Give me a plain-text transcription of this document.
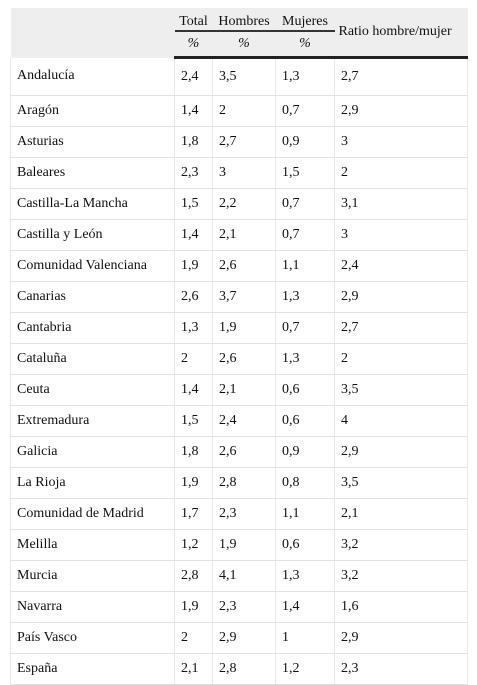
	Total	Hombres	Mujeres	Ratio hombre/mujer
	%	%	%	
Andalucía	2,4	3,5	1,3	2,7
Aragón	1,4	2	0,7	2,9
Asturias	1,8	2,7	0,9	3
Baleares	2,3	3	1,5	2
Castilla-La Mancha	1,5	2,2	0,7	3,1
Castilla y León	1,4	2,1	0,7	3
Comunidad Valenciana	1,9	2,6	1,1	2,4
Canarias	2,6	3,7	1,3	2,9
Cantabria	1,3	1,9	0,7	2,7
Cataluña	2	2,6	1,3	2
Ceuta	1,4	2,1	0,6	3,5
Extremadura	1,5	2,4	0,6	4
Galicia	1,8	2,6	0,9	2,9
La Rioja	1,9	2,8	0,8	3,5
Comunidad de Madrid	1,7	2,3	1,1	2,1
Melilla	1,2	1,9	0,6	3,2
Murcia	2,8	4,1	1,3	3,2
Navarra	1,9	2,3	1,4	1,6
País Vasco	2	2,9	1	2,9
España	2,1	2,8	1,2	2,3
